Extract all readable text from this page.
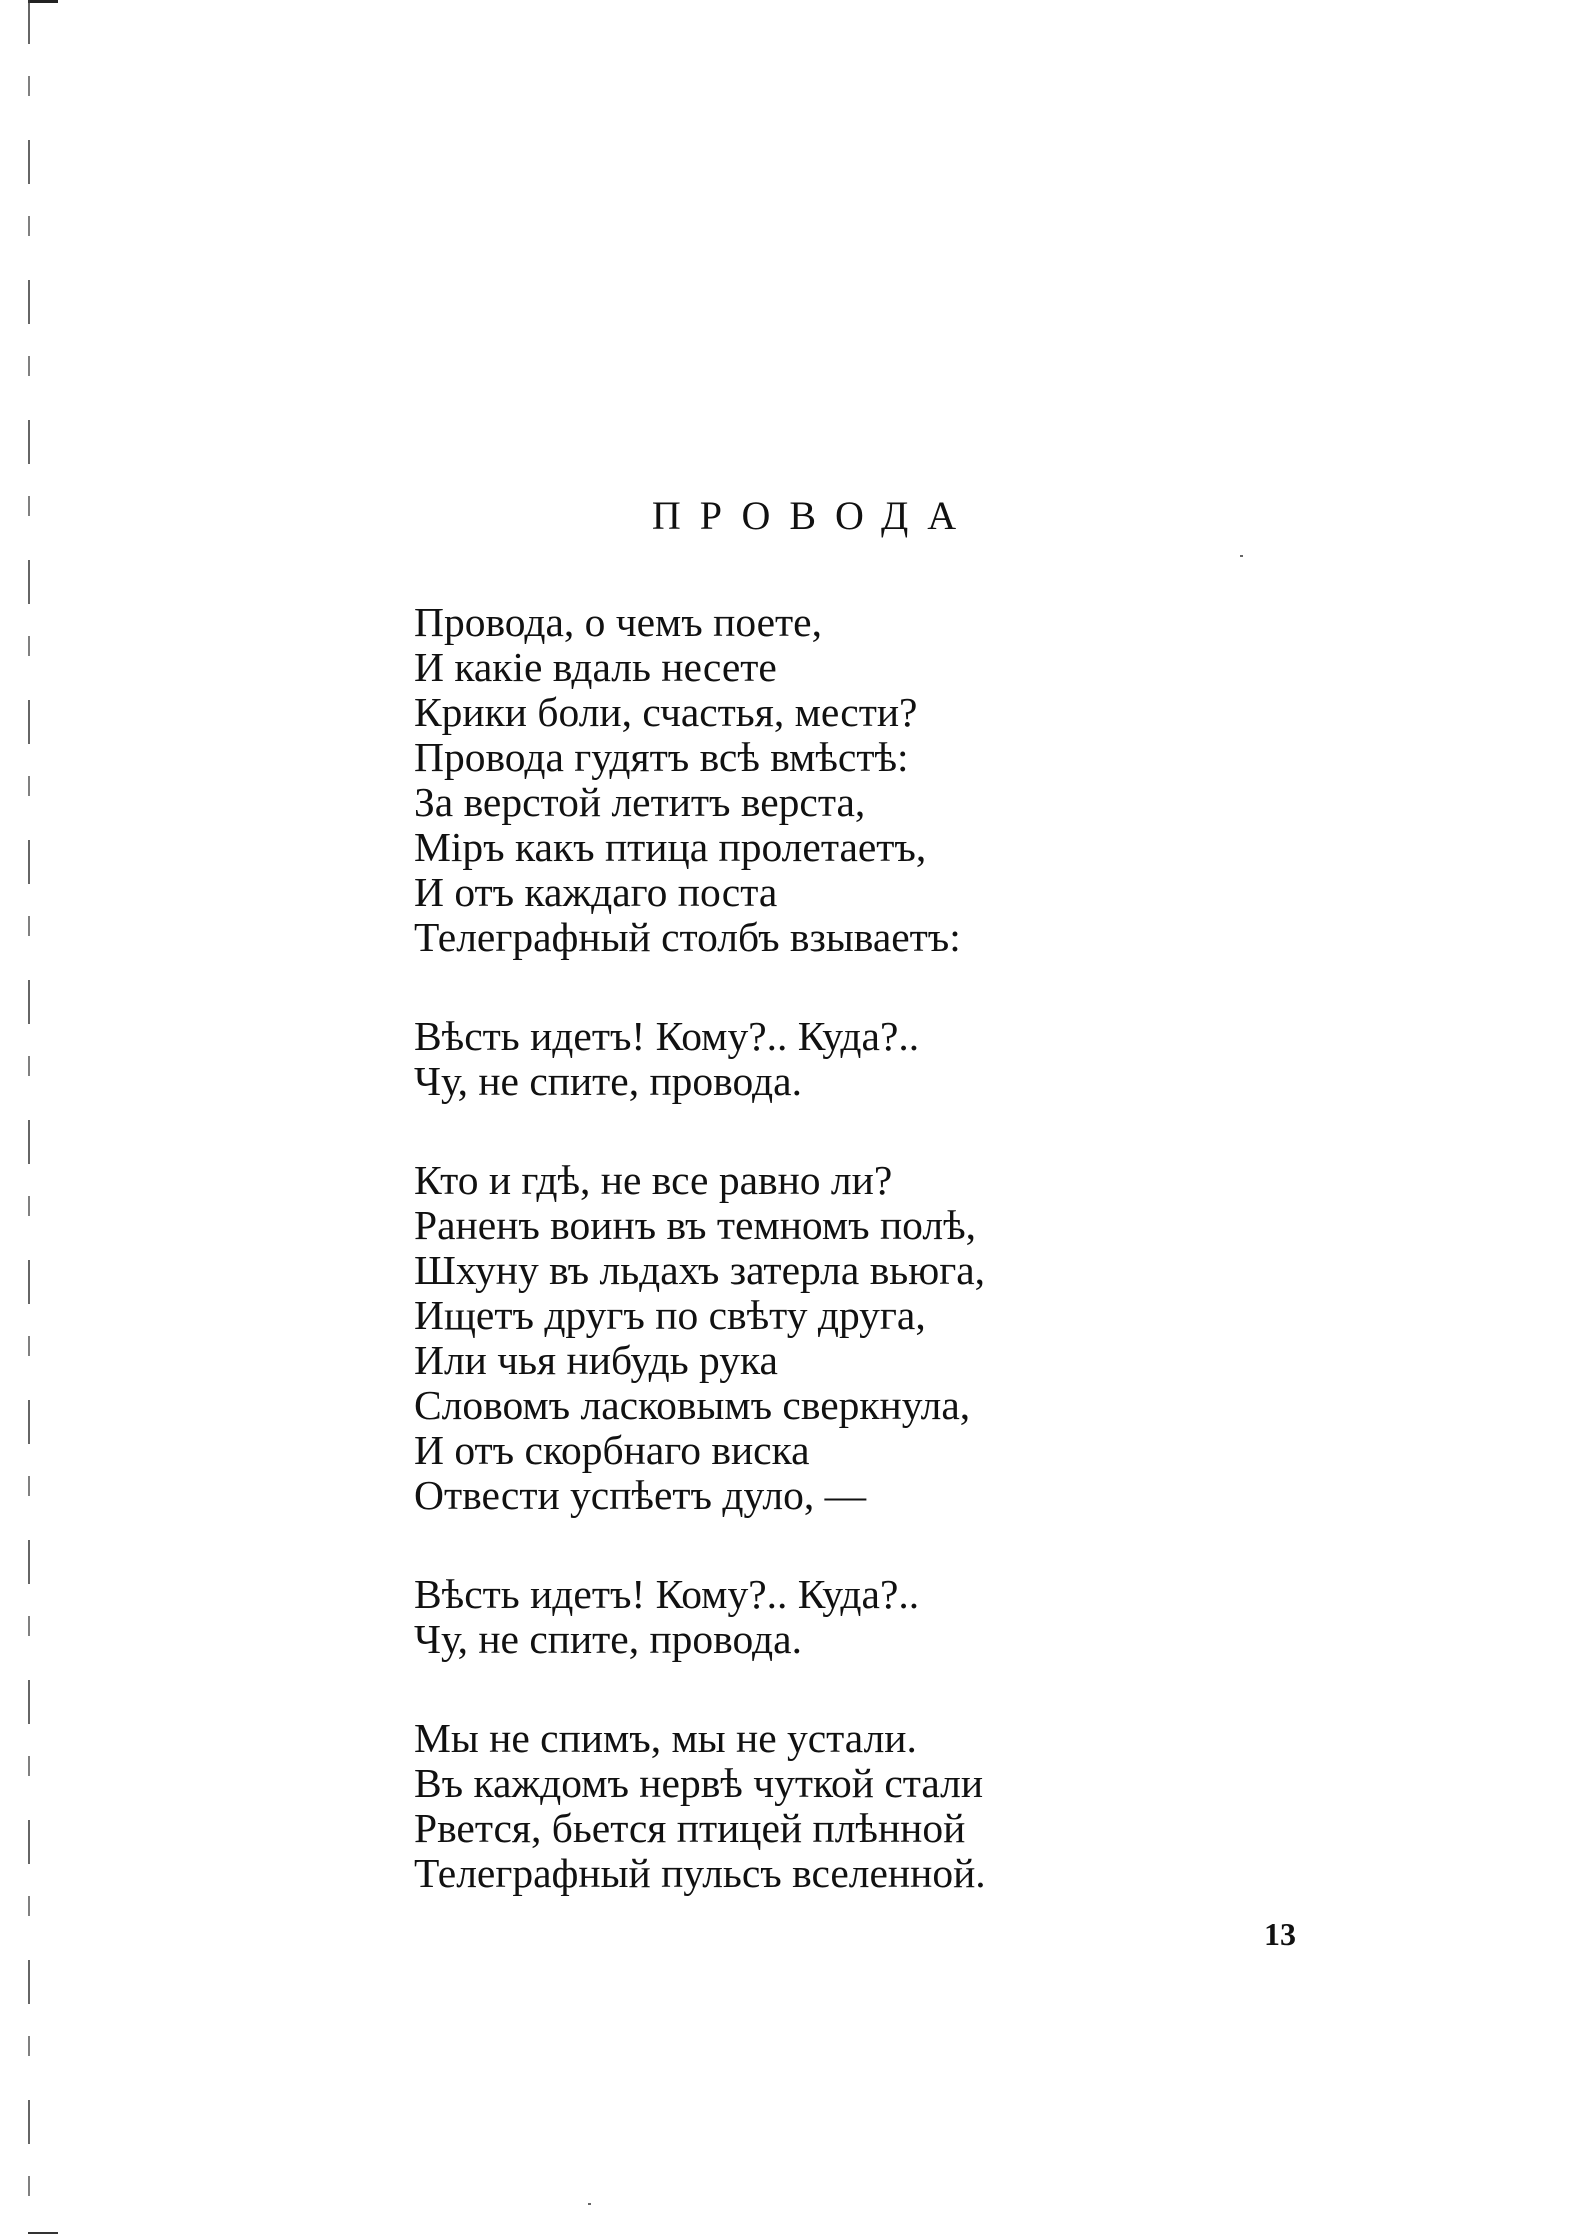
ПРОВОДА
Провода, о чемъ поете,
И какіе вдаль несете
Крики боли, счастья, мести?
Провода гудятъ всѣ вмѣстѣ:
За верстой летитъ верста,
Міръ какъ птица пролетаетъ,
И отъ каждаго поста
Телеграфный столбъ взываетъ:
Вѣсть идетъ! Кому?.. Куда?..
Чу, не спите, провода.
Кто и гдѣ, не все равно ли?
Раненъ воинъ въ темномъ полѣ,
Шхуну въ льдахъ затерла вьюга,
Ищетъ другъ по свѣту друга,
Или чья нибудь рука
Словомъ ласковымъ сверкнула,
И отъ скорбнаго виска
Отвести успѣетъ дуло, —
Вѣсть идетъ! Кому?.. Куда?..
Чу, не спите, провода.
Мы не спимъ, мы не устали.
Въ каждомъ нервѣ чуткой стали
Рвется, бьется птицей плѣнной
Телеграфный пульсъ вселенной.
13
